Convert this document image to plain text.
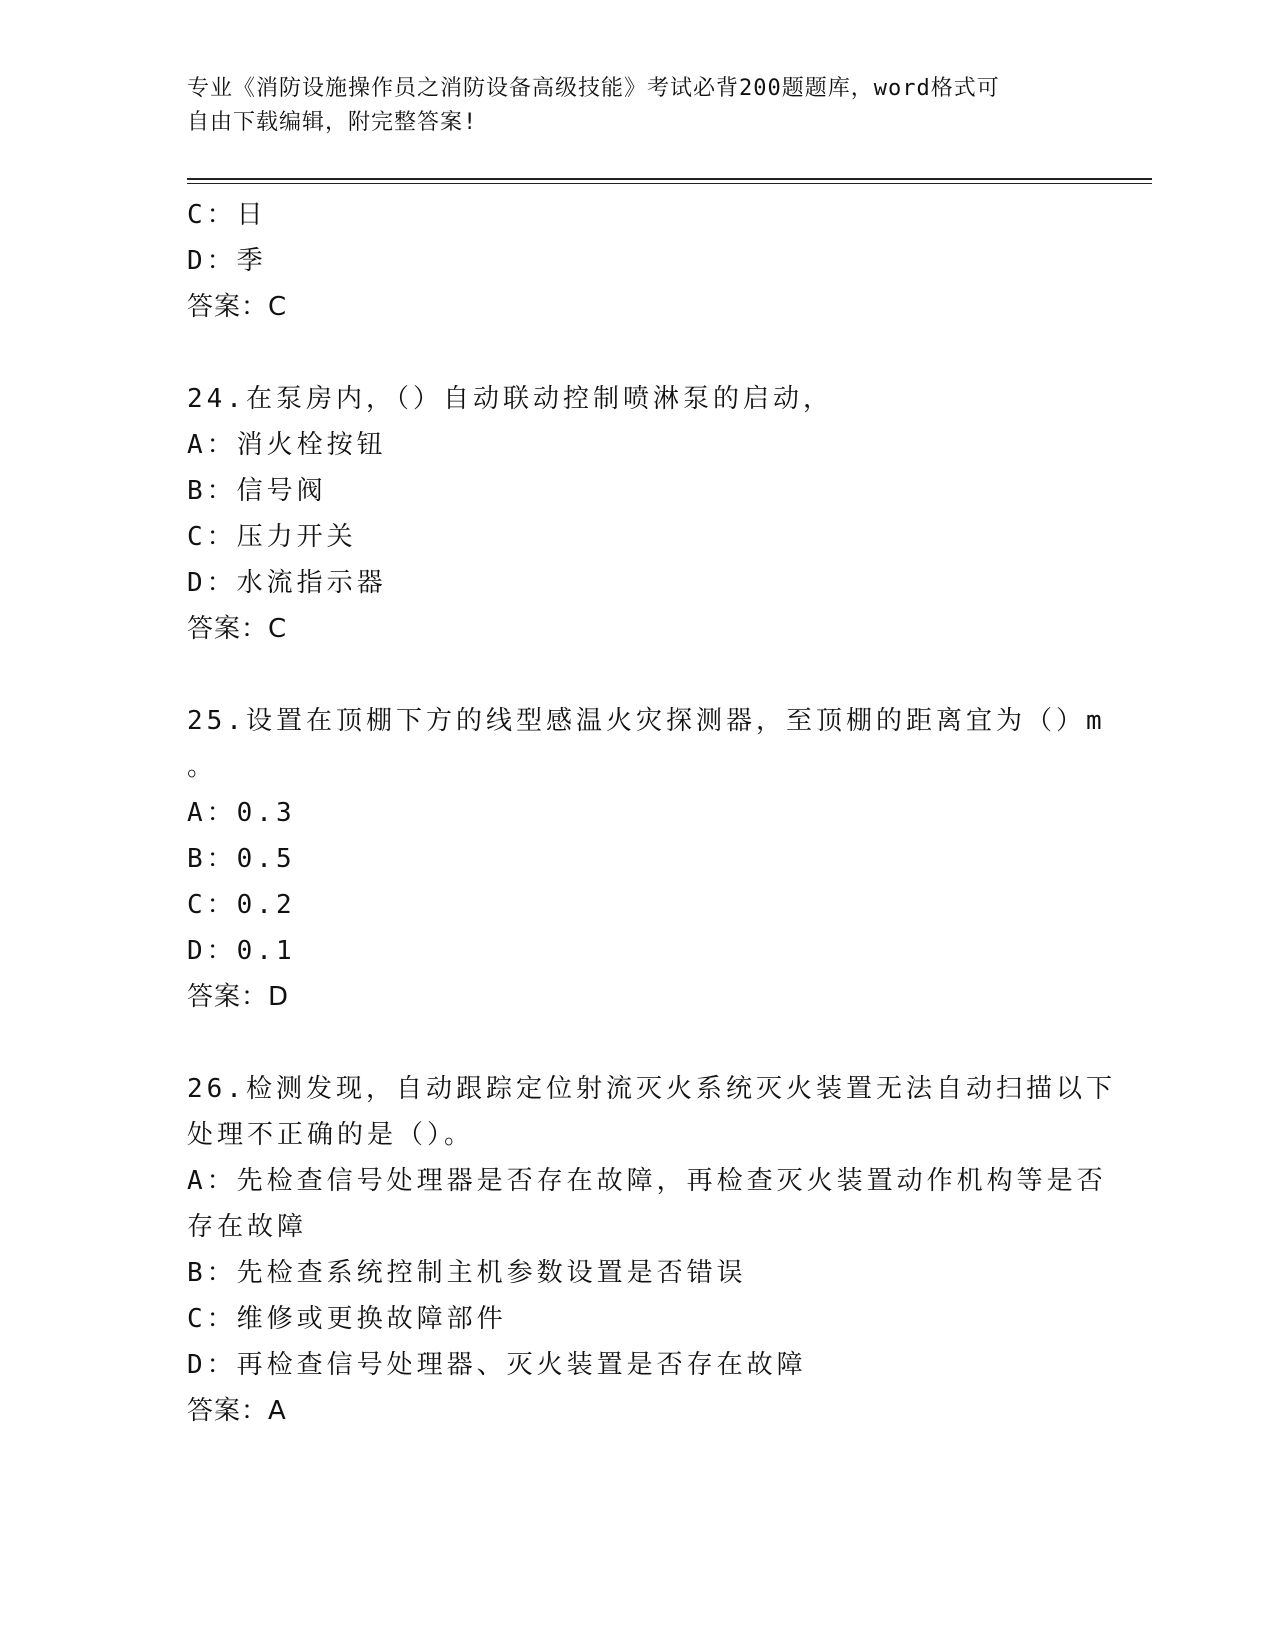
专业《消防设施操作员之消防设备高级技能》考试必背200题题库，word格式可
自由下载编辑，附完整答案!
C：日
D：季
答案：C
24.在泵房内，（）自动联动控制喷淋泵的启动，
A：消火栓按钮
B：信号阀
C：压力开关
D：水流指示器
答案：C
25.设置在顶棚下方的线型感温火灾探测器，至顶棚的距离宜为（）m
。
A：0.3
B：0.5
C：0.2
D：0.1
答案：D
26.检测发现，自动跟踪定位射流灭火系统灭火装置无法自动扫描以下
处理不正确的是（）。
A：先检查信号处理器是否存在故障，再检查灭火装置动作机构等是否
存在故障
B：先检查系统控制主机参数设置是否错误
C：维修或更换故障部件
D：再检查信号处理器、灭火装置是否存在故障
答案：A
